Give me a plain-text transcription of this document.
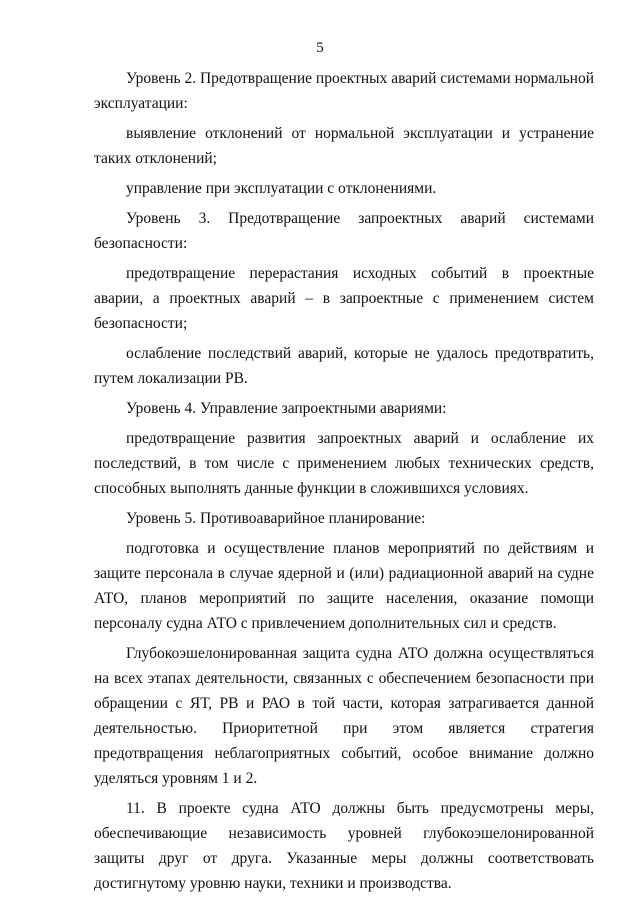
5

Уровень 2. Предотвращение проектных аварий системами нормальной эксплуатации:

выявление отклонений от нормальной эксплуатации и устранение таких отклонений;

управление при эксплуатации с отклонениями.

Уровень 3. Предотвращение запроектных аварий системами безопасности:

предотвращение перерастания исходных событий в проектные аварии, а проектных аварий – в запроектные с применением систем безопасности;

ослабление последствий аварий, которые не удалось предотвратить, путем локализации РВ.

Уровень 4. Управление запроектными авариями:

предотвращение развития запроектных аварий и ослабление их последствий, в том числе с применением любых технических средств, способных выполнять данные функции в сложившихся условиях.

Уровень 5. Противоаварийное планирование:

подготовка и осуществление планов мероприятий по действиям и защите персонала в случае ядерной и (или) радиационной аварий на судне АТО, планов мероприятий по защите населения, оказание помощи персоналу судна АТО с привлечением дополнительных сил и средств.

Глубокоэшелонированная защита судна АТО должна осуществляться на всех этапах деятельности, связанных с обеспечением безопасности при обращении с ЯТ, РВ и РАО в той части, которая затрагивается данной деятельностью. Приоритетной при этом является стратегия предотвращения неблагоприятных событий, особое внимание должно уделяться уровням 1 и 2.

11. В проекте судна АТО должны быть предусмотрены меры, обеспечивающие независимость уровней глубокоэшелонированной защиты друг от друга. Указанные меры должны соответствовать достигнутому уровню науки, техники и производства.
